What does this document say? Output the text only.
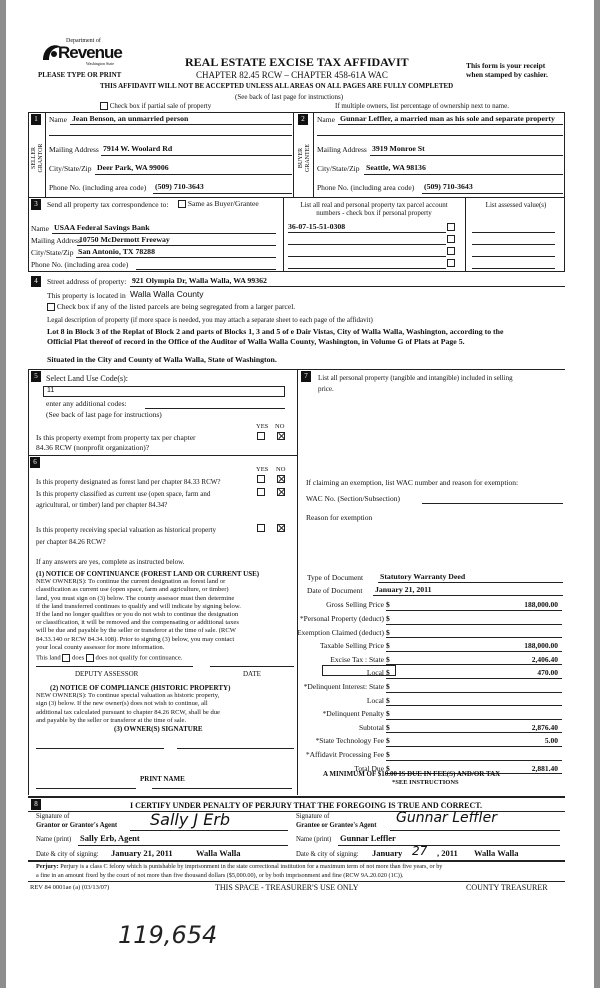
Department of
Revenue
Washington State
PLEASE TYPE OR PRINT
REAL ESTATE EXCISE TAX AFFIDAVIT
CHAPTER 82.45 RCW – CHAPTER 458-61A WAC
This form is your receipt
when stamped by cashier.
THIS AFFIDAVIT WILL NOT BE ACCEPTED UNLESS ALL AREAS ON ALL PAGES ARE FULLY COMPLETED
(See back of last page for instructions)
Check box if partial sale of property	If multiple owners, list percentage of ownership next to name.
1	2
SELLER GRANTOR	BUYER GRANTEE
Name Jean Benson, an unmarried person
Mailing Address 7914 W. Woolard Rd
City/State/Zip Deer Park, WA 99006
Phone No. (including area code) (509) 710-3643
Name Gunnar Leffler, a married man as his sole and separate property
Mailing Address 3919 Monroe St
City/State/Zip Seattle, WA 98136
Phone No. (including area code) (509) 710-3643
3	Send all property tax correspondence to:	Same as Buyer/Grantee
Name USAA Federal Savings Bank
Mailing Address
10750 McDermott Freeway
City/State/Zip San Antonio, TX 78288
Phone No. (including area code)
List all real and personal property tax parcel account numbers - check box if personal property
List assessed value(s)
36-07-15-51-0308
4	Street address of property: 921 Olympia Dr, Walla Walla, WA 99362
This property is located in Walla Walla County
Check box if any of the listed parcels are being segregated from a larger parcel.
Legal description of property (if more space is needed, you may attach a separate sheet to each page of the affidavit)
Lot 8 in Block 3 of the Replat of Block 2 and parts of Blocks 1, 3 and 5 of e Dair Vistas, City of Walla Walla, Washington, according to the
Official Plat thereof of record in the Office of the Auditor of Walla Walla County, Washington, in Volume G of Plats at Page 5.
Situated in the City and County of Walla Walla, State of Washington.
5	Select Land Use Code(s):
11
enter any additional codes:
(See back of last page for instructions)
YES NO
Is this property exempt from property tax per chapter
84.36 RCW (nonprofit organization)?
6
YES NO
Is this property designated as forest land per chapter 84.33 RCW?
Is this property classified as current use (open space, farm and
agricultural, or timber) land per chapter 84.34?
Is this property receiving special valuation as historical property
per chapter 84.26 RCW?
If any answers are yes, complete as instructed below.
(1) NOTICE OF CONTINUANCE (FOREST LAND OR CURRENT USE)
NEW OWNER(S): To continue the current designation as forest land or
classification as current use (open space, farm and agriculture, or timber)
land, you must sign on (3) below. The county assessor must then determine
if the land transferred continues to qualify and will indicate by signing below.
If the land no longer qualifies or you do not wish to continue the designation
or classification, it will be removed and the compensating or additional taxes
will be due and payable by the seller or transferor at the time of sale. (RCW
84.33.140 or RCW 84.34.108). Prior to signing (3) below, you may contact
your local county assessor for more information.
This land does does not qualify for continuance.
DEPUTY ASSESSOR	DATE
(2) NOTICE OF COMPLIANCE (HISTORIC PROPERTY)
NEW OWNER(S): To continue special valuation as historic property,
sign (3) below. If the new owner(s) does not wish to continue, all
additional tax calculated pursuant to chapter 84.26 RCW, shall be due
and payable by the seller or transferor at the time of sale.
(3) OWNER(S) SIGNATURE
PRINT NAME
7	List all personal property (tangible and intangible) included in selling
price.
If claiming an exemption, list WAC number and reason for exemption:
WAC No. (Section/Subsection)
Reason for exemption
Type of Document Statutory Warranty Deed
Date of Document January 21, 2011
Gross Selling Price $	188,000.00
*Personal Property (deduct) $
Exemption Claimed (deduct) $
Taxable Selling Price $	188,000.00
Excise Tax : State $	2,406.40
Local $	470.00
*Delinquent Interest: State $
Local $
*Delinquent Penalty $
Subtotal $	2,876.40
*State Technology Fee $	5.00
*Affidavit Processing Fee $
Total Due $	2,881.40
A MINIMUM OF $10.00 IS DUE IN FEE(S) AND/OR TAX
*SEE INSTRUCTIONS
8	I CERTIFY UNDER PENALTY OF PERJURY THAT THE FOREGOING IS TRUE AND CORRECT.
Signature of
Grantor or Grantor's Agent Sally J Erb	Signature of
Grantee or Grantee's Agent Gunnar Leffler
Name (print) Sally Erb, Agent	Name (print) Gunnar Leffler
Date & city of signing: January 21, 2011	Walla Walla	Date & city of signing: January 27 , 2011 Walla Walla
Perjury: Perjury is a class C felony which is punishable by imprisonment in the state correctional institution for a maximum term of not more than five years, or by
a fine in an amount fixed by the court of not more than five thousand dollars ($5,000.00), or by both imprisonment and fine (RCW 9A.20.020 (1C)).
REV 84 0001ae (a) (03/13/07)	THIS SPACE - TREASURER'S USE ONLY	COUNTY TREASURER
119,654
